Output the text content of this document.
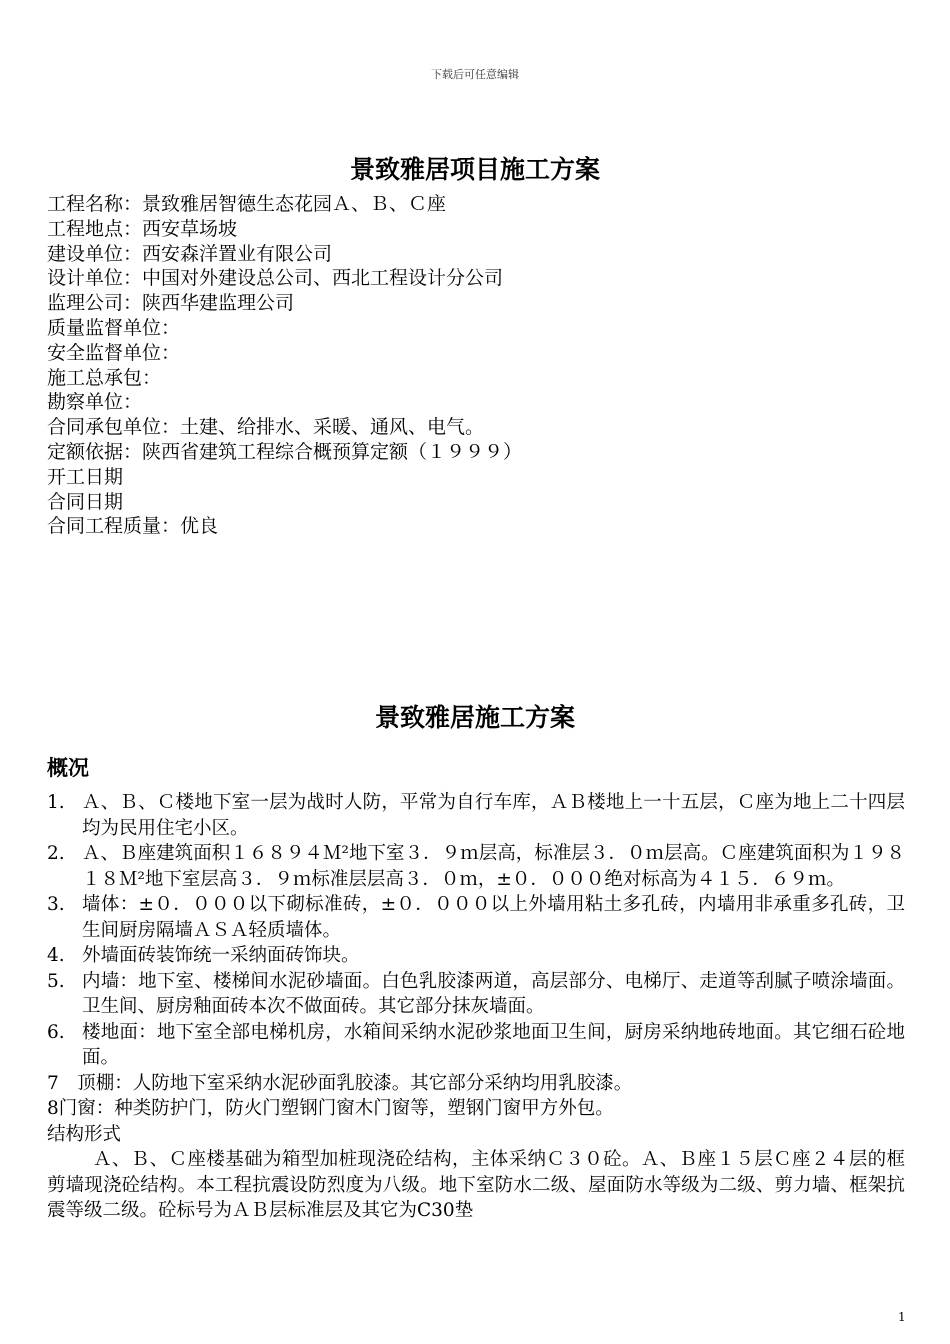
下载后可任意编辑
景致雅居项目施工方案
工程名称：景致雅居智德生态花园Ａ、Ｂ、Ｃ座
工程地点：西安草场坡
建设单位：西安森洋置业有限公司
设计单位：中国对外建设总公司、西北工程设计分公司
监理公司：陕西华建监理公司
质量监督单位：
安全监督单位：
施工总承包：
勘察单位：
合同承包单位：土建、给排水、采暖、通风、电气。
定额依据：陕西省建筑工程综合概预算定额（１９９９）
开工日期
合同日期
合同工程质量：优良
景致雅居施工方案
概况
1. Ａ、Ｂ、Ｃ楼地下室一层为战时人防，平常为自行车库，ＡＢ楼地上一十五层，Ｃ座为地上二十四层均为民用住宅小区。
2. Ａ、Ｂ座建筑面积１６８９４Ｍ²地下室３．９ｍ层高，标准层３．０ｍ层高。Ｃ座建筑面积为１９８１８Ｍ²地下室层高３．９ｍ标准层层高３．０ｍ，±０．０００绝对标高为４１５．６９ｍ。
3. 墙体：±０．０００以下砌标准砖，±０．０００以上外墙用粘土多孔砖，内墙用非承重多孔砖，卫生间厨房隔墙ＡＳＡ轻质墙体。
4. 外墙面砖装饰统一采纳面砖饰块。
5. 内墙：地下室、楼梯间水泥砂墙面。白色乳胶漆两道，高层部分、电梯厅、走道等刮腻子喷涂墙面。卫生间、厨房釉面砖本次不做面砖。其它部分抹灰墙面。
6. 楼地面：地下室全部电梯机房，水箱间采纳水泥砂浆地面卫生间，厨房采纳地砖地面。其它细石砼地面。
7　顶棚：人防地下室采纳水泥砂面乳胶漆。其它部分采纳均用乳胶漆。
8门窗：种类防护门，防火门塑钢门窗木门窗等，塑钢门窗甲方外包。
结构形式
Ａ、Ｂ、Ｃ座楼基础为箱型加桩现浇砼结构，主体采纳Ｃ３０砼。Ａ、Ｂ座１５层Ｃ座２４层的框剪墙现浇砼结构。本工程抗震设防烈度为八级。地下室防水二级、屋面防水等级为二级、剪力墙、框架抗震等级二级。砼标号为ＡＢ层标准层及其它为C30垫
1
